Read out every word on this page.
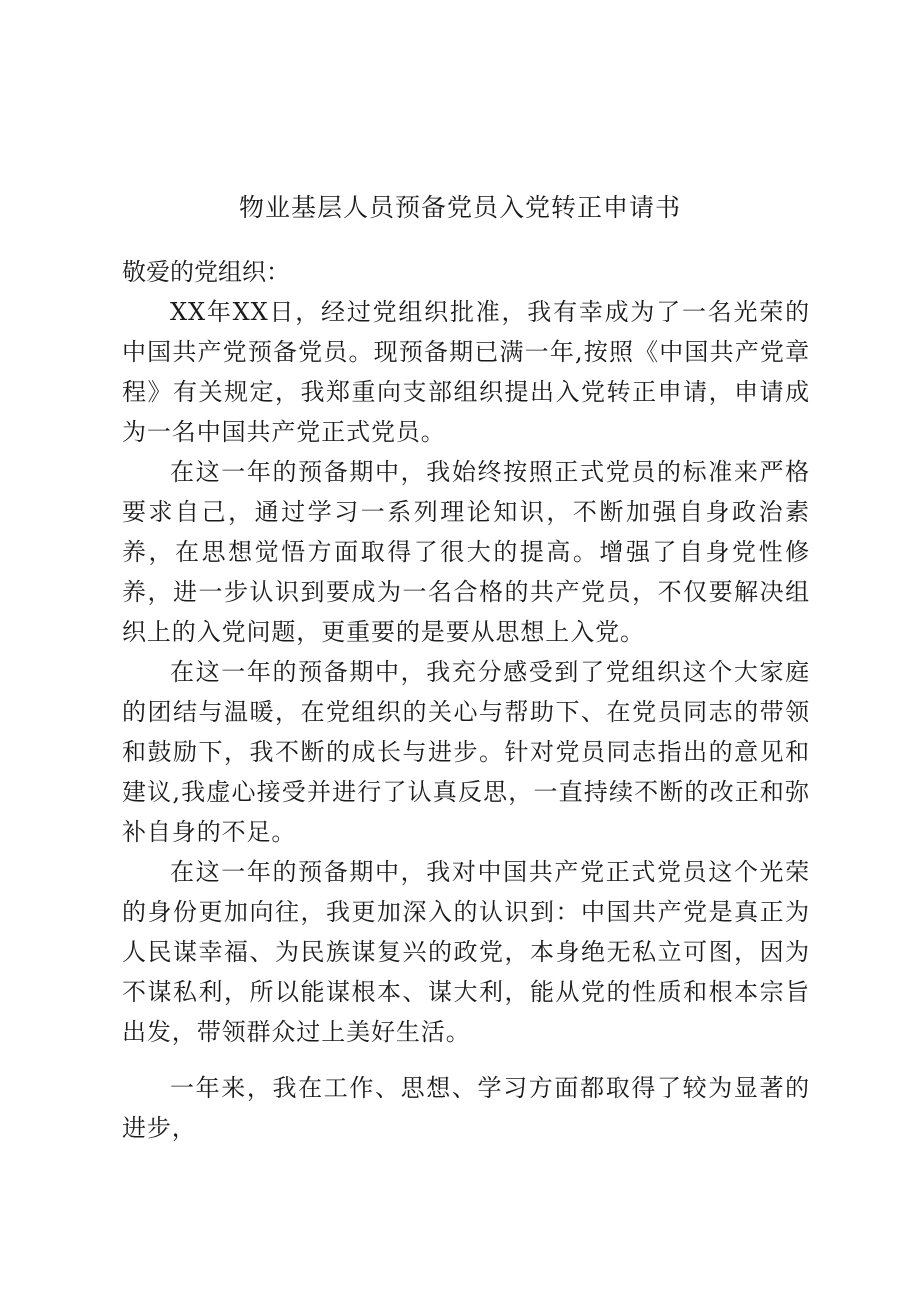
物业基层人员预备党员入党转正申请书

敬爱的党组织：

XX年XX日，经过党组织批准，我有幸成为了一名光荣的中国共产党预备党员。现预备期已满一年,按照《中国共产党章程》有关规定，我郑重向支部组织提出入党转正申请，申请成为一名中国共产党正式党员。

在这一年的预备期中，我始终按照正式党员的标准来严格要求自己，通过学习一系列理论知识，不断加强自身政治素养，在思想觉悟方面取得了很大的提高。增强了自身党性修养，进一步认识到要成为一名合格的共产党员，不仅要解决组织上的入党问题，更重要的是要从思想上入党。

在这一年的预备期中，我充分感受到了党组织这个大家庭的团结与温暖，在党组织的关心与帮助下、在党员同志的带领和鼓励下，我不断的成长与进步。针对党员同志指出的意见和建议,我虚心接受并进行了认真反思，一直持续不断的改正和弥补自身的不足。

在这一年的预备期中，我对中国共产党正式党员这个光荣的身份更加向往，我更加深入的认识到：中国共产党是真正为人民谋幸福、为民族谋复兴的政党，本身绝无私立可图，因为不谋私利，所以能谋根本、谋大利，能从党的性质和根本宗旨出发，带领群众过上美好生活。

一年来，我在工作、思想、学习方面都取得了较为显著的进步，
